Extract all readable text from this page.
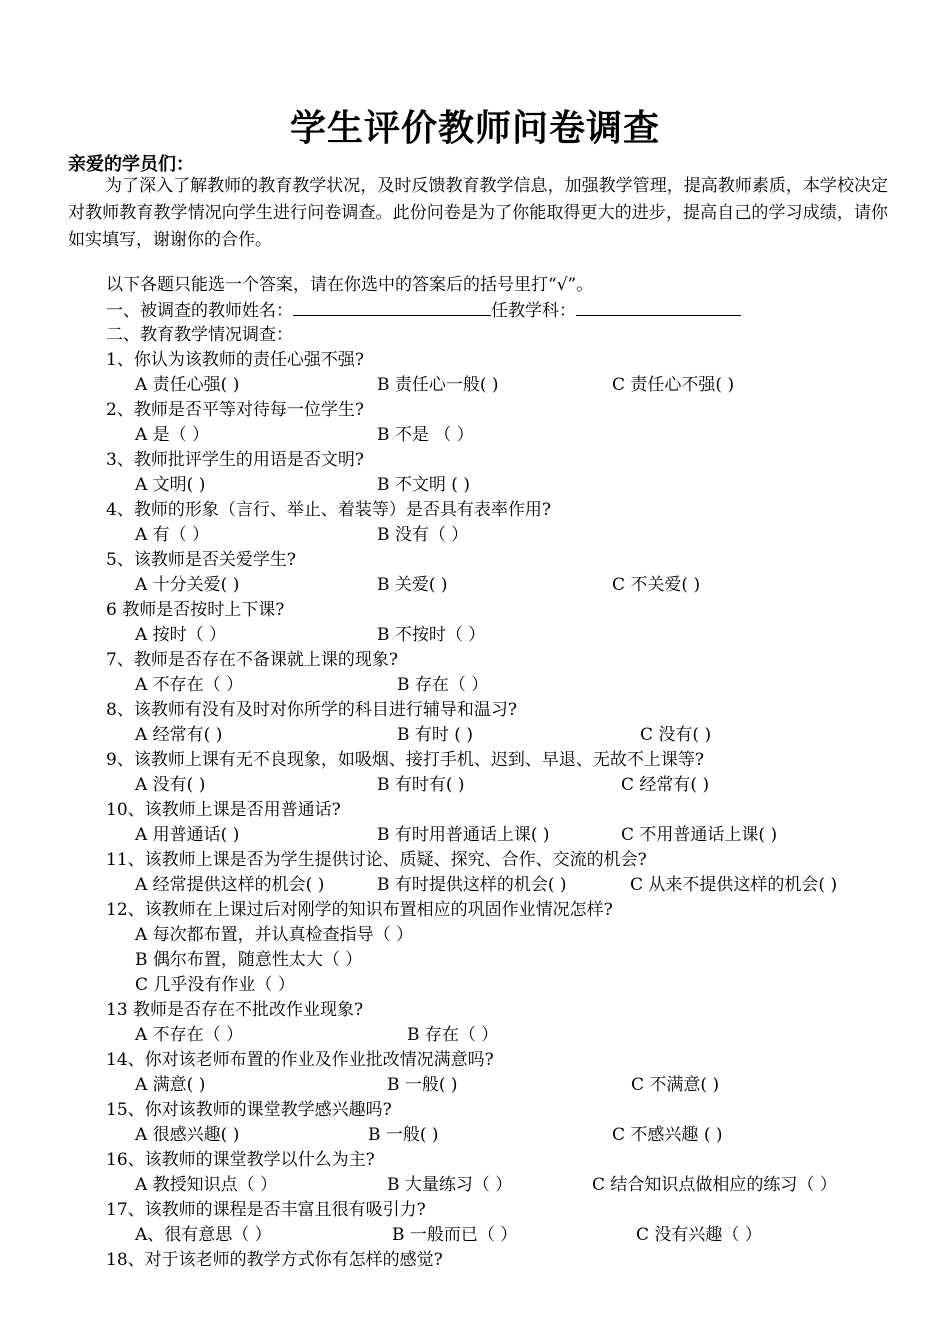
学生评价教师问卷调查
亲爱的学员们：
为了深入了解教师的教育教学状况，及时反馈教育教学信息，加强教学管理，提高教师素质，本学校决定对教师教育教学情况向学生进行问卷调查。此份问卷是为了你能取得更大的进步，提高自己的学习成绩，请你如实填写，谢谢你的合作。
以下各题只能选一个答案，请在你选中的答案后的括号里打“√”。
一、被调查的教师姓名：	任教学科：
二、教育教学情况调查：
1、你认为该教师的责任心强不强?
A 责任心强( )	B 责任心一般( )	C 责任心不强( )
2、教师是否平等对待每一位学生?
A 是（ ）	B 不是 （ ）
3、教师批评学生的用语是否文明?
A 文明( )	B 不文明 ( )
4、教师的形象（言行、举止、着装等）是否具有表率作用?
A 有（ ）	B 没有（ ）
5、该教师是否关爱学生?
A 十分关爱( )	B 关爱( )	C 不关爱( )
6 教师是否按时上下课?
A 按时（ ）	B 不按时（ ）
7、教师是否存在不备课就上课的现象?
A 不存在（ ）	B 存在（ ）
8、该教师有没有及时对你所学的科目进行辅导和温习?
A 经常有( )	B 有时 ( )	C 没有( )
9、该教师上课有无不良现象，如吸烟、接打手机、迟到、早退、无故不上课等?
A 没有( )	B 有时有( )	C 经常有( )
10、该教师上课是否用普通话?
A 用普通话( )	B 有时用普通话上课( )	C 不用普通话上课( )
11、该教师上课是否为学生提供讨论、质疑、探究、合作、交流的机会?
A 经常提供这样的机会( )	B 有时提供这样的机会( )	C 从来不提供这样的机会( )
12、该教师在上课过后对刚学的知识布置相应的巩固作业情况怎样?
A 每次都布置，并认真检查指导（ ）
B 偶尔布置，随意性太大（ ）
C 几乎没有作业（ ）
13 教师是否存在不批改作业现象?
A 不存在（ ）	B 存在（ ）
14、你对该老师布置的作业及作业批改情况满意吗?
A 满意( )	B 一般( )	C 不满意( )
15、你对该教师的课堂教学感兴趣吗?
A 很感兴趣( )	B 一般( )	C 不感兴趣 ( )
16、该教师的课堂教学以什么为主?
A 教授知识点（ ）	B 大量练习（ ）	C 结合知识点做相应的练习（ ）
17、该教师的课程是否丰富且很有吸引力?
A、很有意思（ ）	B 一般而已（ ）	C 没有兴趣（ ）
18、对于该老师的教学方式你有怎样的感觉?
